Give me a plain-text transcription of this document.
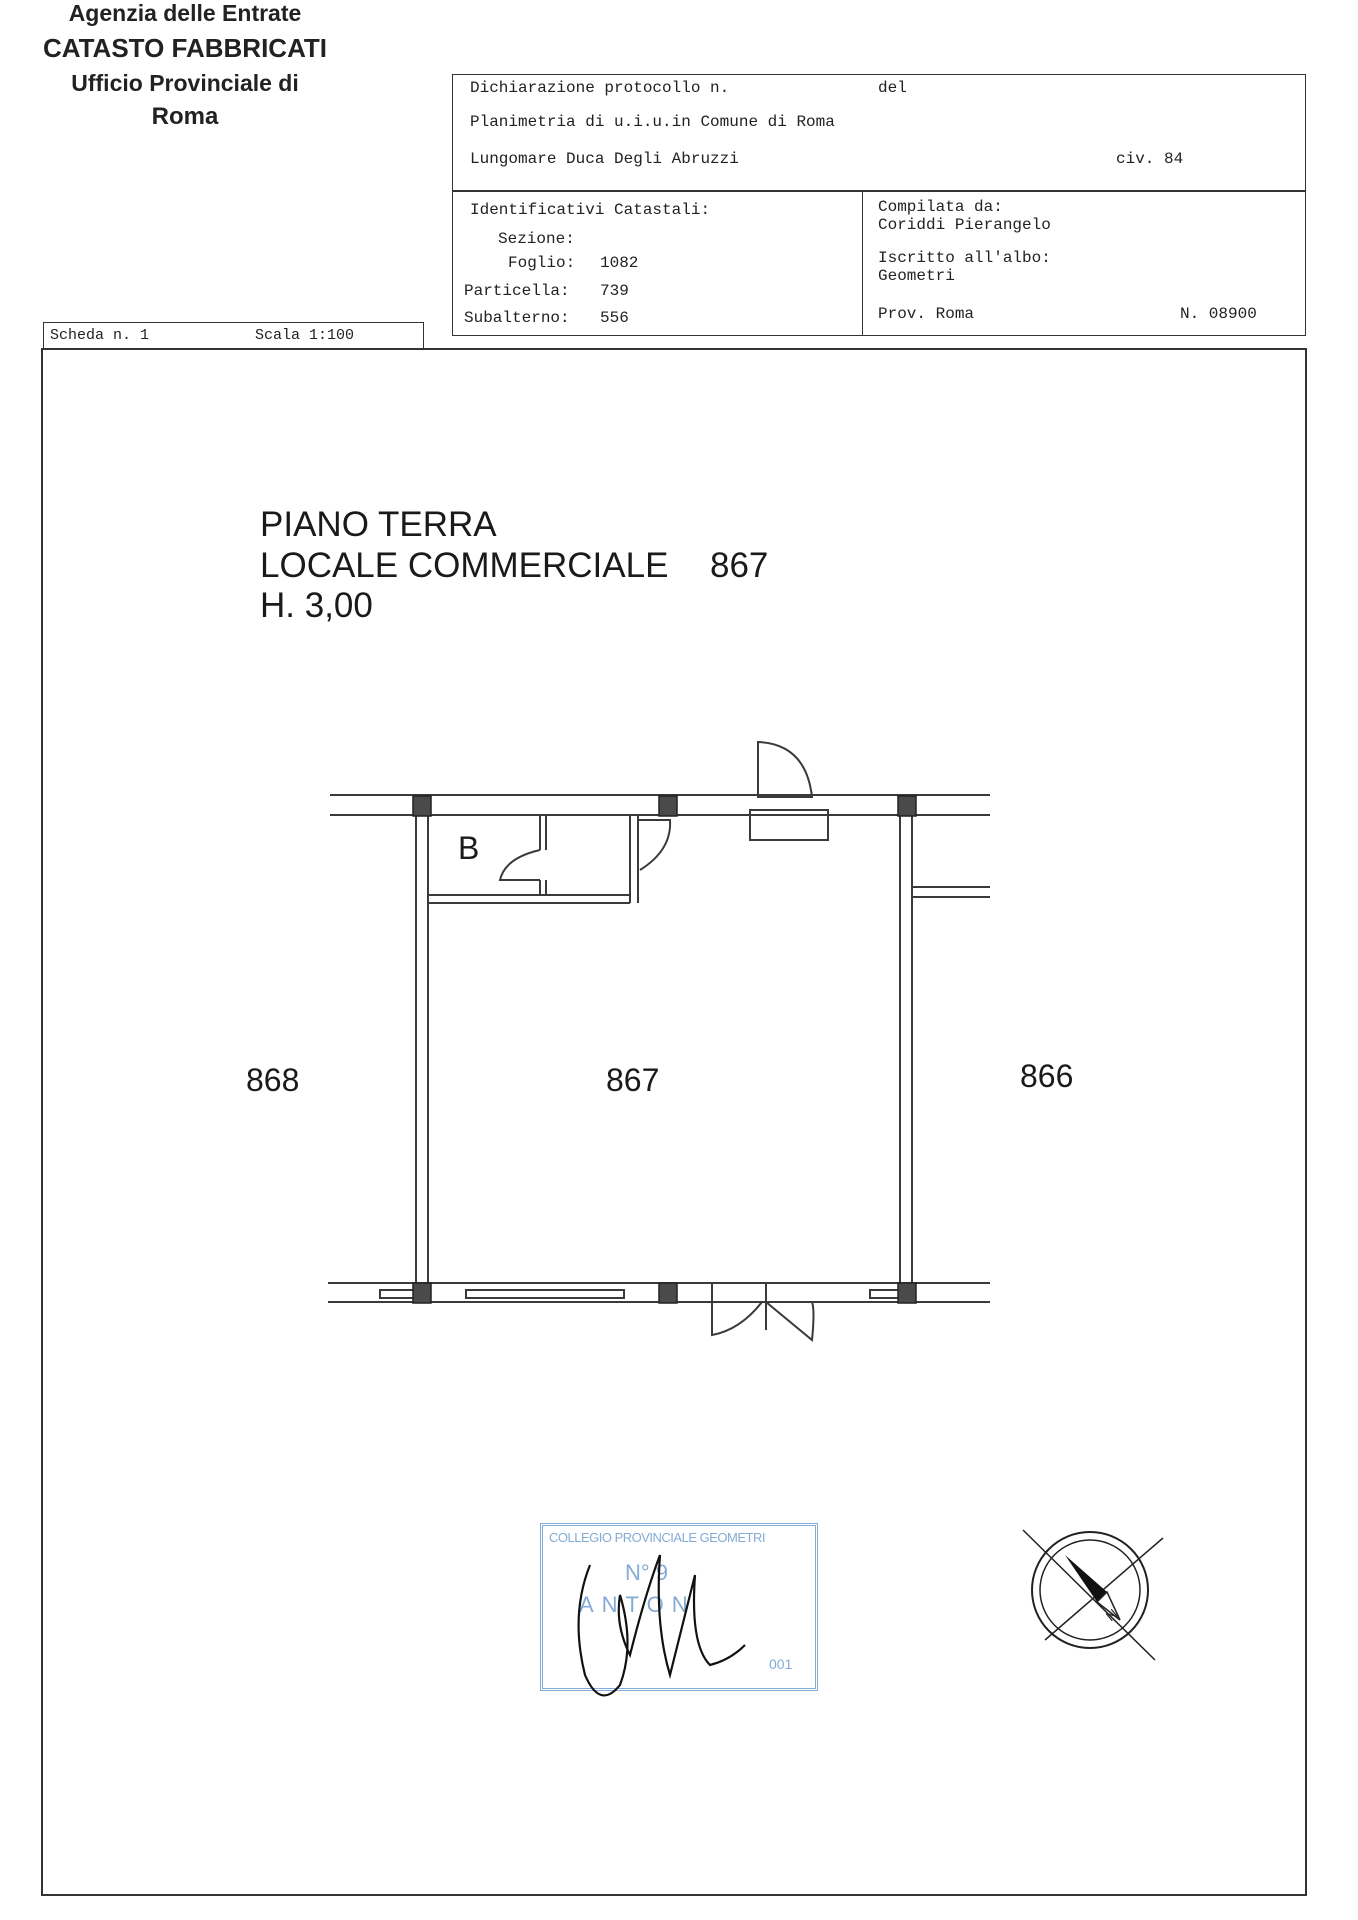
Agenzia delle Entrate
CATASTO FABBRICATI
Ufficio Provinciale di
Roma
Dichiarazione protocollo n.	del
Planimetria di u.i.u.in Comune di Roma
Lungomare Duca Degli Abruzzi	civ. 84
Identificativi Catastali:
Sezione:
Foglio: 1082
Particella: 739
Subalterno: 556
Compilata da:
Coriddi Pierangelo
Iscritto all'albo:
Geometri
Prov. Roma	N. 08900
Scheda n. 1	Scala 1:100
PIANO TERRA
LOCALE COMMERCIALE 867
H. 3,00
B
868	867	866
COLLEGIO PROVINCIALE GEOMETRI
N° 9
ANTON
001
N
